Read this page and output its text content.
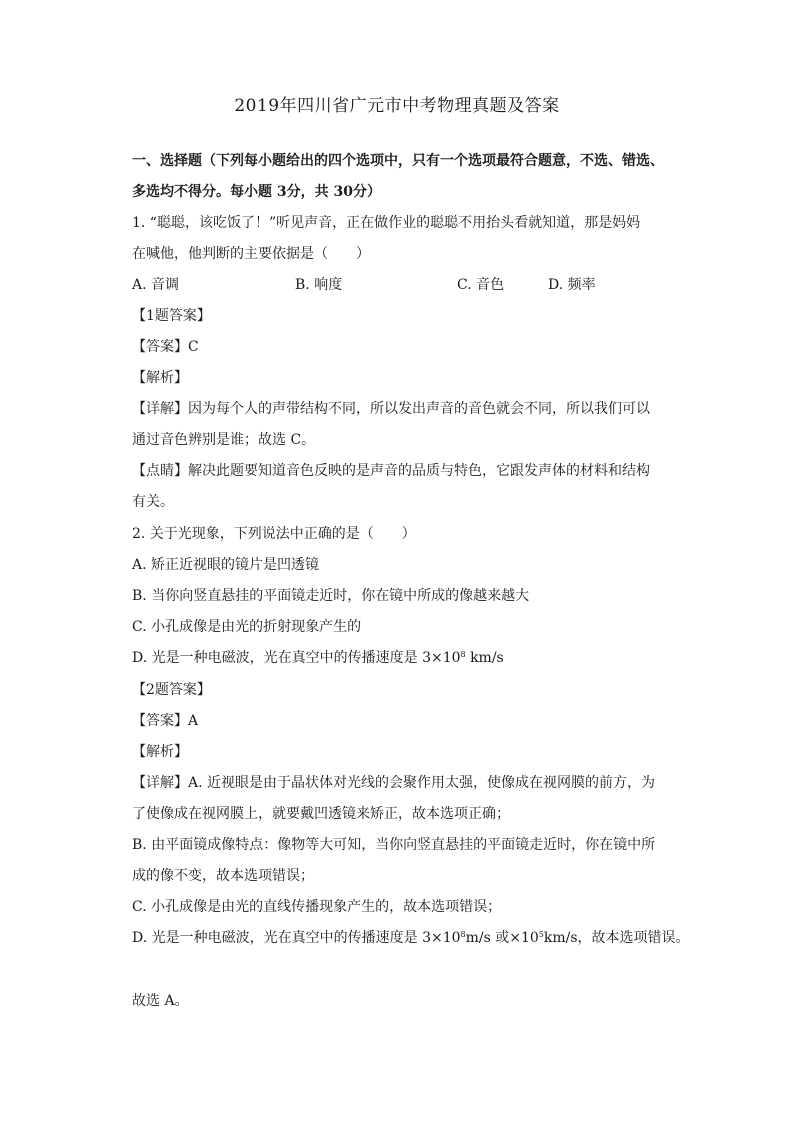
2019年四川省广元市中考物理真题及答案
一、选择题（下列每小题给出的四个选项中，只有一个选项最符合题意，不选、错选、
多选均不得分。每小题 3分，共 30分）
1. “聪聪，该吃饭了！”听见声音，正在做作业的聪聪不用抬头看就知道，那是妈妈
在喊他，他判断的主要依据是（　　）
A. 音调	B. 响度	C. 音色	D. 频率
【1题答案】
【答案】C
【解析】
【详解】因为每个人的声带结构不同，所以发出声音的音色就会不同，所以我们可以
通过音色辨别是谁；故选 C。
【点睛】解决此题要知道音色反映的是声音的品质与特色，它跟发声体的材料和结构
有关。
2. 关于光现象，下列说法中正确的是（　　）
A. 矫正近视眼的镜片是凹透镜
B. 当你向竖直悬挂的平面镜走近时，你在镜中所成的像越来越大
C. 小孔成像是由光的折射现象产生的
D. 光是一种电磁波，光在真空中的传播速度是 $3\times 10^8$ km/s
【2题答案】
【答案】A
【解析】
【详解】A. 近视眼是由于晶状体对光线的会聚作用太强，使像成在视网膜的前方，为
了使像成在视网膜上，就要戴凹透镜来矫正，故本选项正确；
B. 由平面镜成像特点：像物等大可知，当你向竖直悬挂的平面镜走近时，你在镜中所
成的像不变，故本选项错误；
C. 小孔成像是由光的直线传播现象产生的，故本选项错误；
D. 光是一种电磁波，光在真空中的传播速度是 $3\times 10^8m/s$ 或$\times 10^5km/s$，故本选项错误。
故选 A。
